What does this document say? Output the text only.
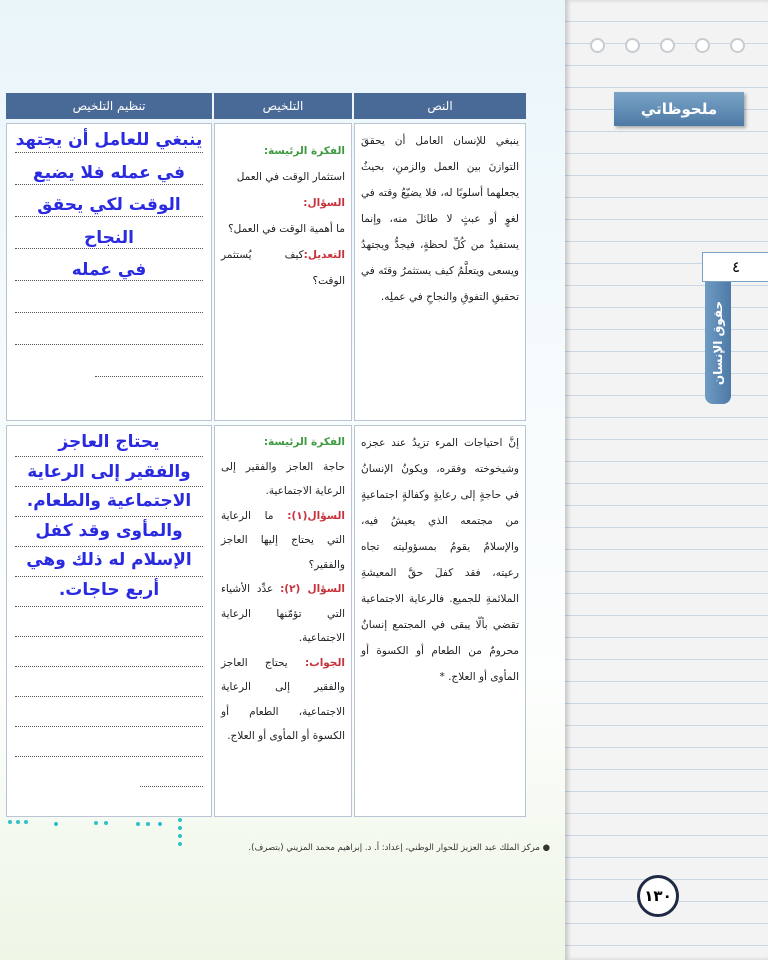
ملحوظاتي
٤
حقوق الإنسان
١٣٠
النص
التلخيص
تنظيم التلخيص
ينبغي للإنسان العامل أن يحققَ التوازنَ بين العمل والزمنِ، بحيثُ يجعلهما أسلوبًا له، فلا يضيّعُ وقته في لغوٍ أو عبثٍ لا طائلَ منه، وإنما يستفيدُ من كُلِّ لحظةٍ، فيجدُّ ويجتهدُ ويسعى ويتعلَّمُ كيف يستثمرُ وقتَه في تحقيقِ التفوقِ والنجاحِ في عملِه.
الفكرة الرئيسة:
استثمار الوقت في العمل
السؤال:
ما أهمية الوقت في العمل؟
التعديل:كيف يُستثمر الوقت؟
ينبغي للعامل أن يجتهد
في عمله فلا يضيع
الوقت لكي يحقق النجاح
في عمله
إنَّ احتياجات المرء تزيدُ عند عجزه وشيخوخته وفقره، ويكونُ الإنسانُ في حاجةٍ إلى رعايةٍ وكفالةٍ اجتماعيةٍ من مجتمعه الذي يعيشُ فيه، والإسلامُ يقومُ بمسؤوليته تجاه رعيته، فقد كفلَ حقَّ المعيشةِ الملائمةِ للجميع. فالرعاية الاجتماعية تقضي بألّا يبقى في المجتمع إنسانٌ محرومٌ من الطعام أو الكسوة أو المأوى أو العلاج. *
الفكرة الرئيسة:
حاجة العاجز والفقير إلى الرعاية الاجتماعية.
السؤال(١): ما الرعاية التي يحتاج إليها العاجز والفقير؟
السؤال (٢): عدِّد الأشياء التي تؤمّنها الرعاية الاجتماعية.
الجواب: يحتاج العاجز والفقير إلى الرعاية الاجتماعية، الطعام أو الكسوة أو المأوى أو العلاج.
يحتاج العاجز
والفقير إلى الرعاية
الاجتماعية والطعام.
والمأوى وقد كفل
الإسلام له ذلك وهي
أربع حاجات.
● مركز الملك عبد العزيز للحوار الوطني، إعداد: أ. د. إبراهيم محمد المزيني (بتصرف).
